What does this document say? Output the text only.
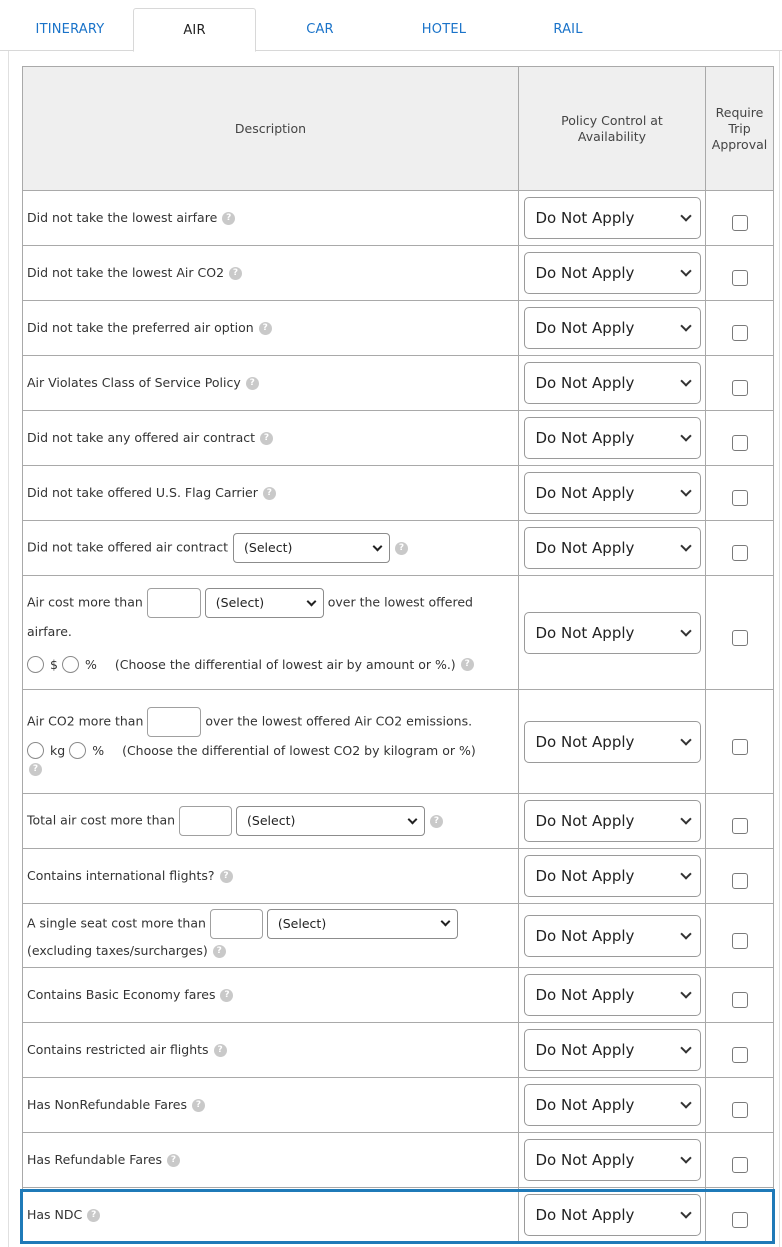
ITINERARY	AIR	CAR	HOTEL	RAIL
Description	Policy Control at Availability	Require Trip Approval
Did not take the lowest airfare ?	Do Not Apply	

Did not take the lowest Air CO2 ?	Do Not Apply	

Did not take the preferred air option ?	Do Not Apply	

Air Violates Class of Service Policy ?	Do Not Apply	

Did not take any offered air contract ?	Do Not Apply	

Did not take offered U.S. Flag Carrier ?	Do Not Apply	

Did not take offered air contract (Select) ?	Do Not Apply	

Air cost more than (Select) over the lowest offered
airfare.
$ % (Choose the differential of lowest air by amount or %.) ?	Do Not Apply	

Air CO2 more than over the lowest offered Air CO2 emissions.
kg % (Choose the differential of lowest CO2 by kilogram or %)
?	Do Not Apply	

Total air cost more than (Select) ?	Do Not Apply	

Contains international flights? ?	Do Not Apply	

A single seat cost more than (Select)
(excluding taxes/surcharges) ?	Do Not Apply	

Contains Basic Economy fares ?	Do Not Apply	

Contains restricted air flights ?	Do Not Apply	

Has NonRefundable Fares ?	Do Not Apply	

Has Refundable Fares ?	Do Not Apply	

Has NDC ?	Do Not Apply	
